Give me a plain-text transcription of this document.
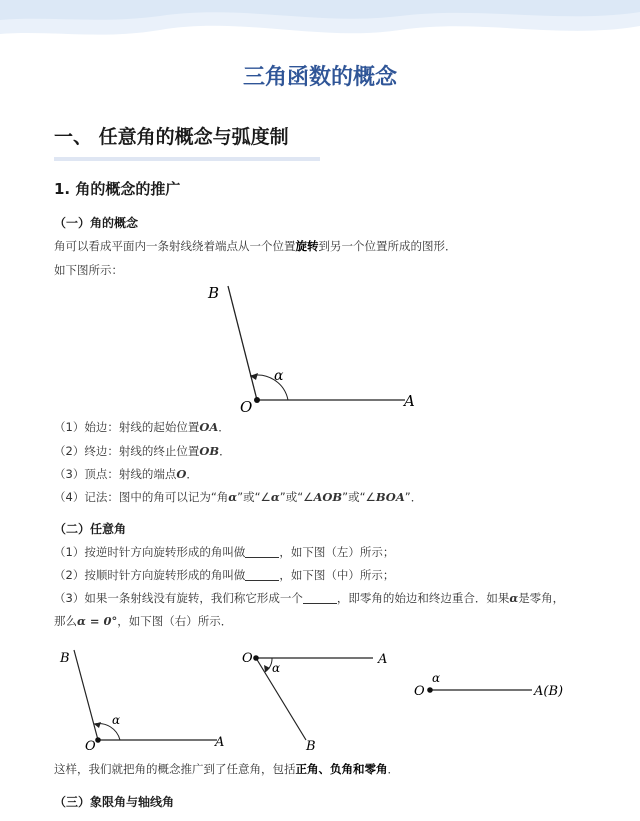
三角函数的概念
一、 任意角的概念与弧度制
1. 角的概念的推广
（一）角的概念
角可以看成平面内一条射线绕着端点从一个位置旋转到另一个位置所成的图形．
如下图所示：
B
α
O	A
（1）始边：射线的起始位置OA．
（2）终边：射线的终止位置OB．
（3）顶点：射线的端点O．
（4）记法：图中的角可以记为“角α”或“∠α”或“∠AOB”或“∠BOA”．
（二）任意角
（1）按逆时针方向旋转形成的角叫做	，如下图（左）所示；
（2）按顺时针方向旋转形成的角叫做	，如下图（中）所示；
（3）如果一条射线没有旋转，我们称它形成一个	，即零角的始边和终边重合．如果α是零角，
那么α = 0°，如下图（右）所示．
B
α
O	A
O
α
A
B
O
α
A(B)
这样，我们就把角的概念推广到了任意角，包括正角、负角和零角．
（三）象限角与轴线角
